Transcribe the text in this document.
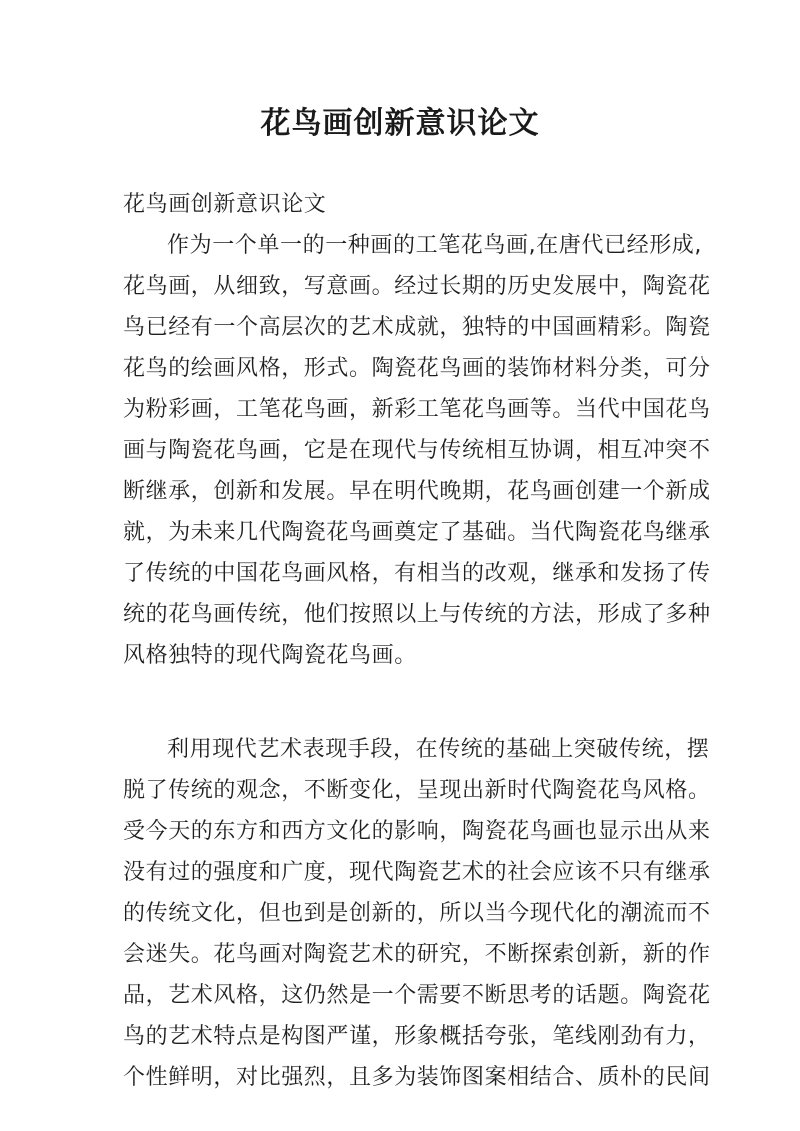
花鸟画创新意识论文

花鸟画创新意识论文

作为一个单一的一种画的工笔花鸟画,在唐代已经形成,
花鸟画，从细致，写意画。经过长期的历史发展中，陶瓷花
鸟已经有一个高层次的艺术成就，独特的中国画精彩。陶瓷
花鸟的绘画风格，形式。陶瓷花鸟画的装饰材料分类，可分
为粉彩画，工笔花鸟画，新彩工笔花鸟画等。当代中国花鸟
画与陶瓷花鸟画，它是在现代与传统相互协调，相互冲突不
断继承，创新和发展。早在明代晚期，花鸟画创建一个新成
就，为未来几代陶瓷花鸟画奠定了基础。当代陶瓷花鸟继承
了传统的中国花鸟画风格，有相当的改观，继承和发扬了传
统的花鸟画传统，他们按照以上与传统的方法，形成了多种
风格独特的现代陶瓷花鸟画。
利用现代艺术表现手段，在传统的基础上突破传统，摆
脱了传统的观念，不断变化，呈现出新时代陶瓷花鸟风格。
受今天的东方和西方文化的影响，陶瓷花鸟画也显示出从来
没有过的强度和广度，现代陶瓷艺术的社会应该不只有继承
的传统文化，但也到是创新的，所以当今现代化的潮流而不
会迷失。花鸟画对陶瓷艺术的研究，不断探索创新，新的作
品，艺术风格，这仍然是一个需要不断思考的话题。陶瓷花
鸟的艺术特点是构图严谨，形象概括夸张，笔线刚劲有力，
个性鲜明，对比强烈，且多为装饰图案相结合、质朴的民间
